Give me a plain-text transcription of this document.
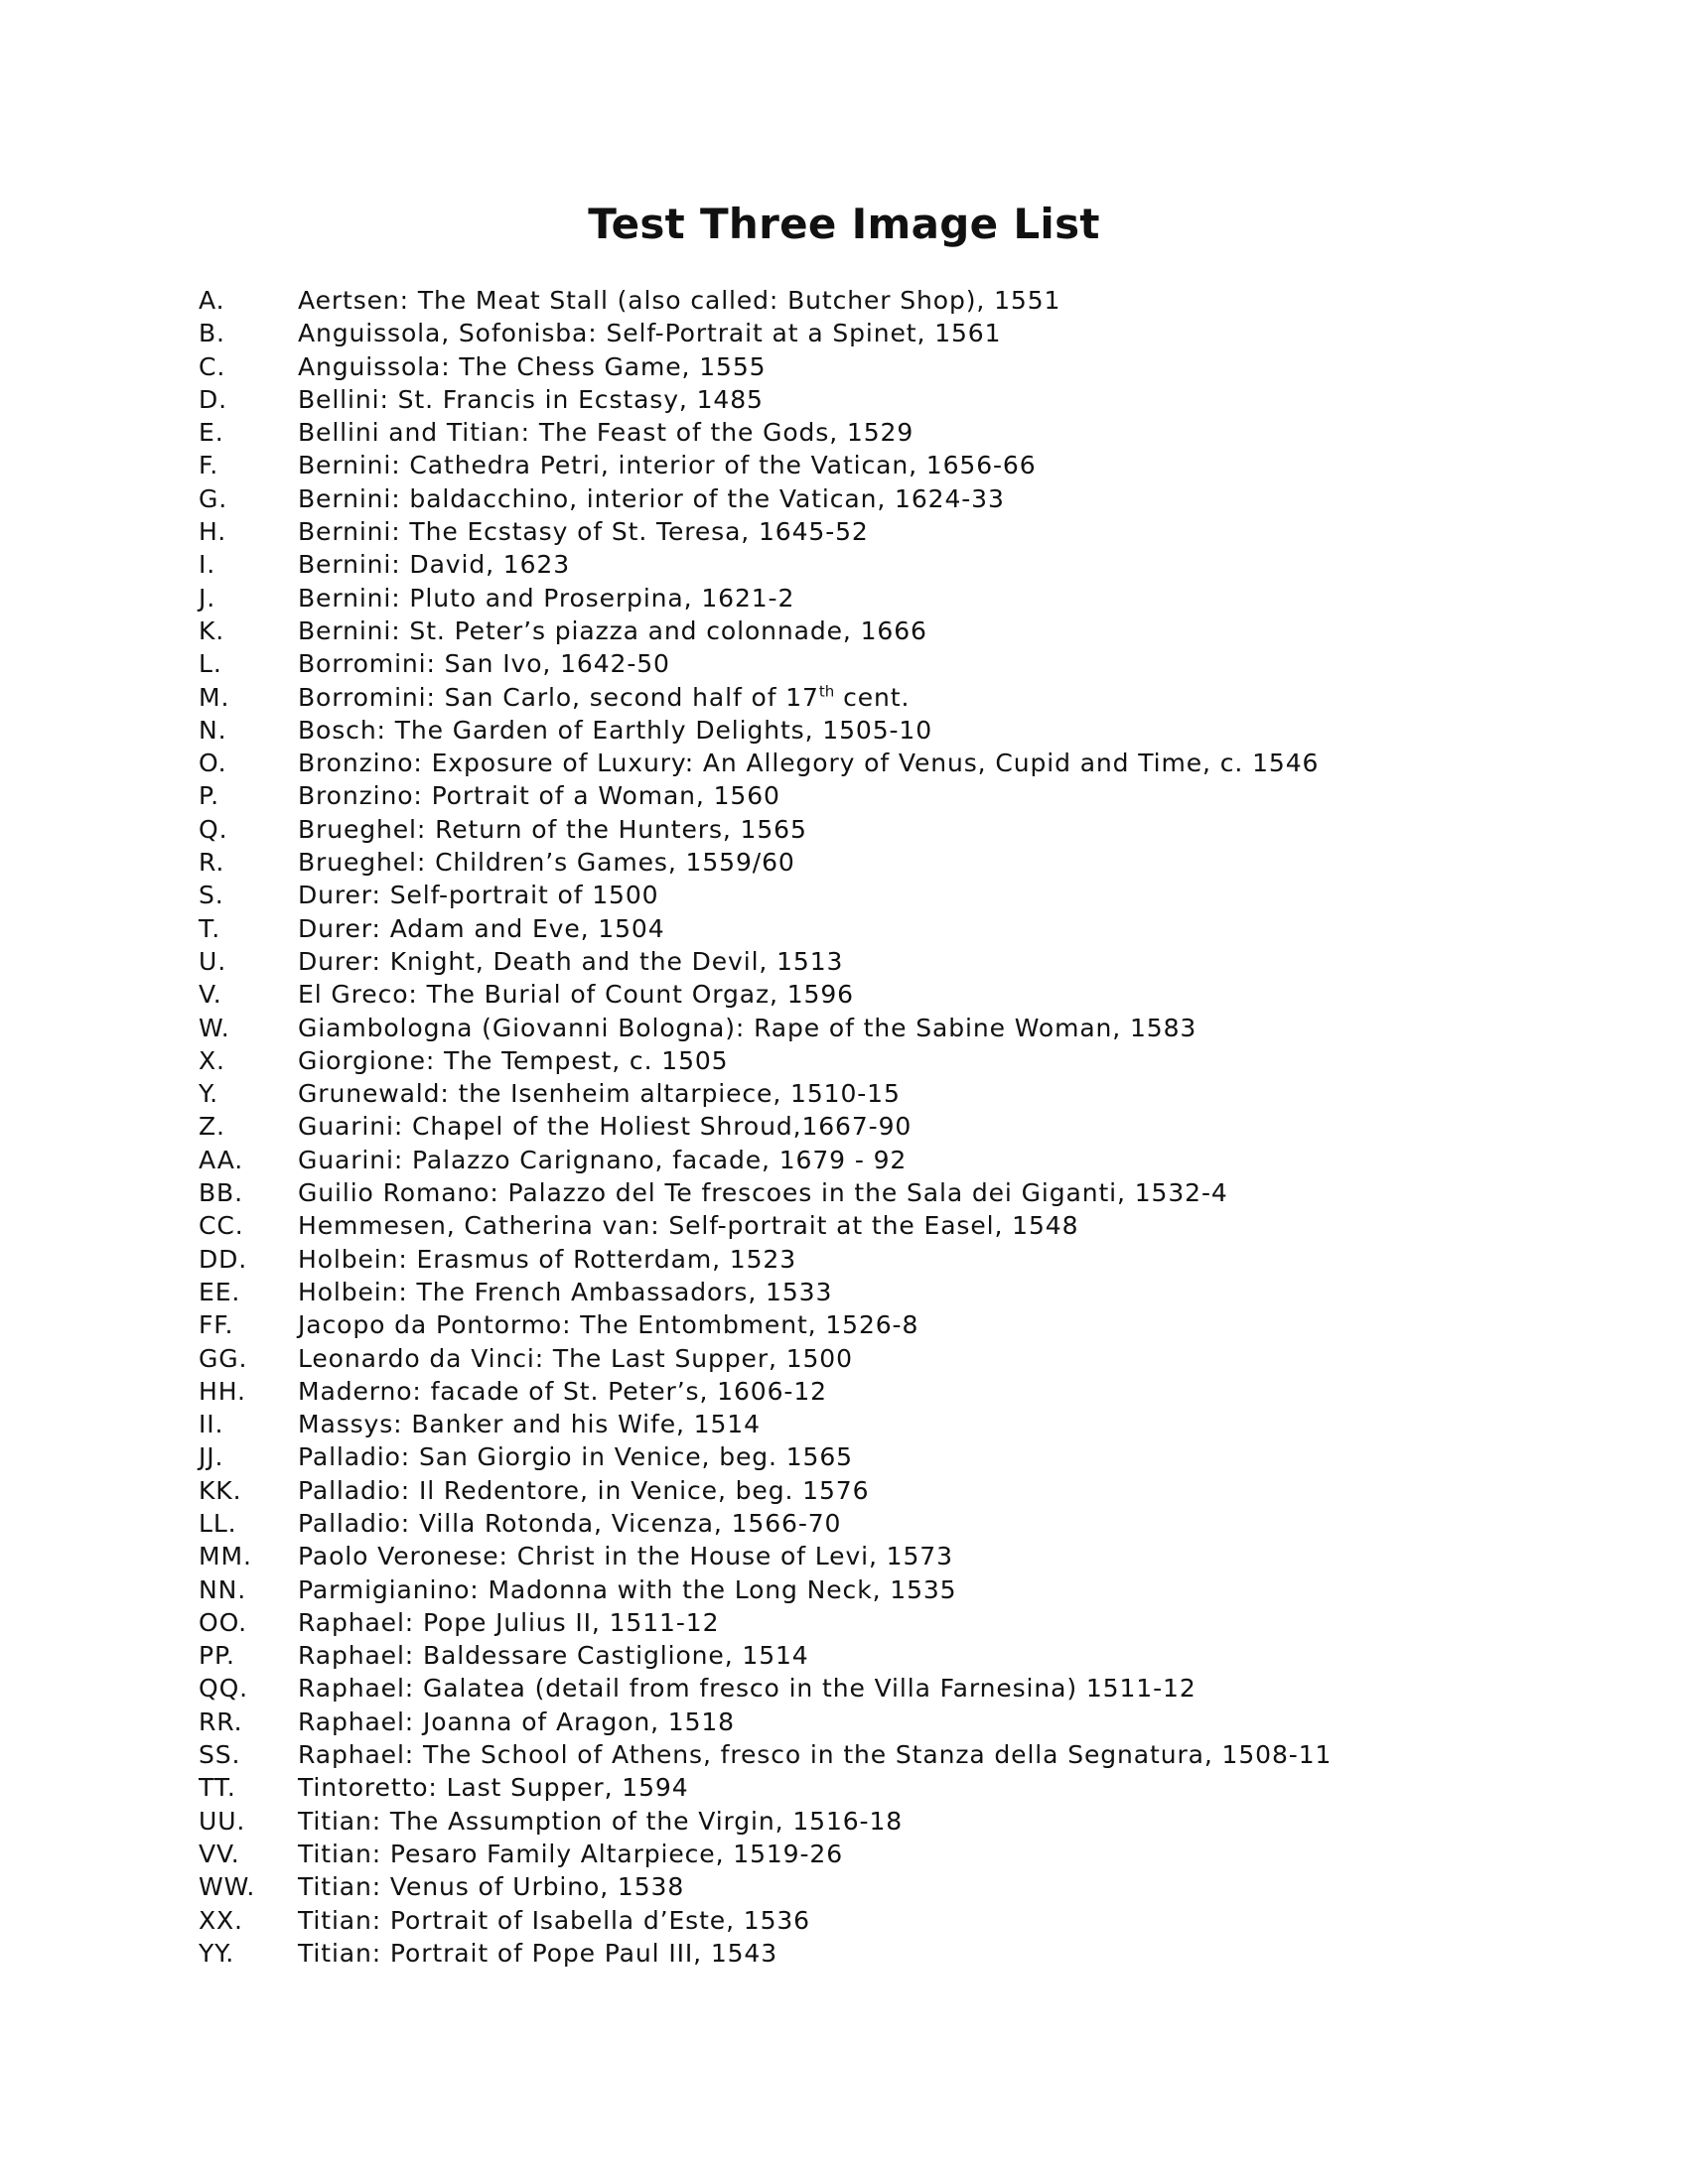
Test Three Image List
A.	Aertsen: The Meat Stall (also called: Butcher Shop), 1551
B.	Anguissola, Sofonisba: Self-Portrait at a Spinet, 1561
C.	Anguissola: The Chess Game, 1555
D.	Bellini: St. Francis in Ecstasy, 1485
E.	Bellini and Titian: The Feast of the Gods, 1529
F.	Bernini: Cathedra Petri, interior of the Vatican, 1656-66
G.	Bernini: baldacchino, interior of the Vatican, 1624-33
H.	Bernini: The Ecstasy of St. Teresa, 1645-52
I.	Bernini: David, 1623
J.	Bernini: Pluto and Proserpina, 1621-2
K.	Bernini: St. Peter’s piazza and colonnade, 1666
L.	Borromini: San Ivo, 1642-50
M.	Borromini: San Carlo, second half of 17th cent.
N.	Bosch: The Garden of Earthly Delights, 1505-10
O.	Bronzino: Exposure of Luxury: An Allegory of Venus, Cupid and Time, c. 1546
P.	Bronzino: Portrait of a Woman, 1560
Q.	Brueghel: Return of the Hunters, 1565
R.	Brueghel: Children’s Games, 1559/60
S.	Durer: Self-portrait of 1500
T.	Durer: Adam and Eve, 1504
U.	Durer: Knight, Death and the Devil, 1513
V.	El Greco: The Burial of Count Orgaz, 1596
W.	Giambologna (Giovanni Bologna): Rape of the Sabine Woman, 1583
X.	Giorgione: The Tempest, c. 1505
Y.	Grunewald: the Isenheim altarpiece, 1510-15
Z.	Guarini: Chapel of the Holiest Shroud,1667-90
AA.	Guarini: Palazzo Carignano, facade, 1679 - 92
BB.	Guilio Romano: Palazzo del Te frescoes in the Sala dei Giganti, 1532-4
CC.	Hemmesen, Catherina van: Self-portrait at the Easel, 1548
DD.	Holbein: Erasmus of Rotterdam, 1523
EE.	Holbein: The French Ambassadors, 1533
FF.	Jacopo da Pontormo: The Entombment, 1526-8
GG.	Leonardo da Vinci: The Last Supper, 1500
HH.	Maderno: facade of St. Peter’s, 1606-12
II.	Massys: Banker and his Wife, 1514
JJ.	Palladio: San Giorgio in Venice, beg. 1565
KK.	Palladio: Il Redentore, in Venice, beg. 1576
LL.	Palladio: Villa Rotonda, Vicenza, 1566-70
MM.	Paolo Veronese: Christ in the House of Levi, 1573
NN.	Parmigianino: Madonna with the Long Neck, 1535
OO.	Raphael: Pope Julius II, 1511-12
PP.	Raphael: Baldessare Castiglione, 1514
QQ.	Raphael: Galatea (detail from fresco in the Villa Farnesina) 1511-12
RR.	Raphael: Joanna of Aragon, 1518
SS.	Raphael: The School of Athens, fresco in the Stanza della Segnatura, 1508-11
TT.	Tintoretto: Last Supper, 1594
UU.	Titian: The Assumption of the Virgin, 1516-18
VV.	Titian: Pesaro Family Altarpiece, 1519-26
WW.	Titian: Venus of Urbino, 1538
XX.	Titian: Portrait of Isabella d’Este, 1536
YY.	Titian: Portrait of Pope Paul III, 1543
